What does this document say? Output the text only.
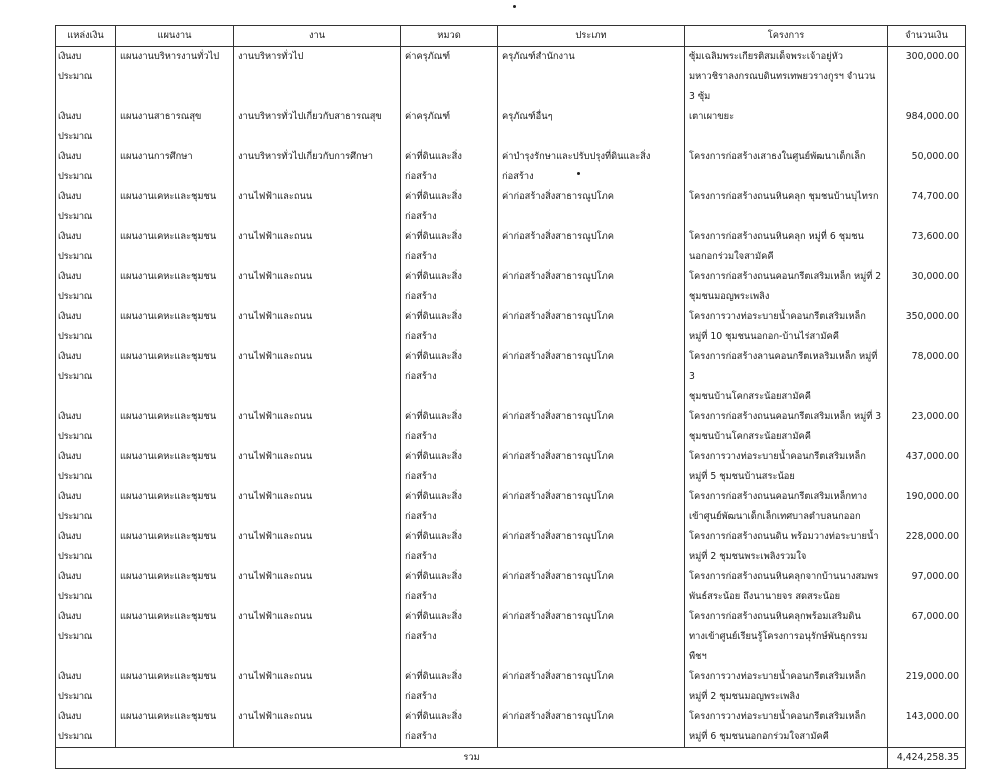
แหล่งเงิน	แผนงาน	งาน	หมวด	ประเภท	โครงการ	จำนวนเงิน
เงินงบประมาณ	แผนงานบริหารงานทั่วไป	งานบริหารทั่วไป	ค่าครุภัณฑ์	ครุภัณฑ์สำนักงาน	ซุ้มเฉลิมพระเกียรติสมเด็จพระเจ้าอยู่หัว
มหาวชิราลงกรณบดินทรเทพยวรางกูรฯ จำนวน 3 ซุ้ม	300,000.00
เงินงบประมาณ	แผนงานสาธารณสุข	งานบริหารทั่วไปเกี่ยวกับสาธารณสุข	ค่าครุภัณฑ์	ครุภัณฑ์อื่นๆ	เตาเผาขยะ	984,000.00
เงินงบประมาณ	แผนงานการศึกษา	งานบริหารทั่วไปเกี่ยวกับการศึกษา	ค่าที่ดินและสิ่งก่อสร้าง	ค่าบำรุงรักษาและปรับปรุงที่ดินและสิ่งก่อสร้าง	โครงการก่อสร้างเสาธงในศูนย์พัฒนาเด็กเล็ก	50,000.00
เงินงบประมาณ	แผนงานเคหะและชุมชน	งานไฟฟ้าและถนน	ค่าที่ดินและสิ่งก่อสร้าง	ค่าก่อสร้างสิ่งสาธารณูปโภค	โครงการก่อสร้างถนนหินคลุก ชุมชนบ้านบุไทรก	74,700.00
เงินงบประมาณ	แผนงานเคหะและชุมชน	งานไฟฟ้าและถนน	ค่าที่ดินและสิ่งก่อสร้าง	ค่าก่อสร้างสิ่งสาธารณูปโภค	โครงการก่อสร้างถนนหินคลุก หมู่ที่ 6 ชุมชน
นอกอกร่วมใจสามัคคี	73,600.00
เงินงบประมาณ	แผนงานเคหะและชุมชน	งานไฟฟ้าและถนน	ค่าที่ดินและสิ่งก่อสร้าง	ค่าก่อสร้างสิ่งสาธารณูปโภค	โครงการก่อสร้างถนนคอนกรีตเสริมเหล็ก หมู่ที่ 2
ชุมชนมอญพระเพลิง	30,000.00
เงินงบประมาณ	แผนงานเคหะและชุมชน	งานไฟฟ้าและถนน	ค่าที่ดินและสิ่งก่อสร้าง	ค่าก่อสร้างสิ่งสาธารณูปโภค	โครงการวางท่อระบายน้ำคอนกรีตเสริมเหล็ก
หมู่ที่ 10 ชุมชนนอกอก-บ้านไร่สามัคคี	350,000.00
เงินงบประมาณ	แผนงานเคหะและชุมชน	งานไฟฟ้าและถนน	ค่าที่ดินและสิ่งก่อสร้าง	ค่าก่อสร้างสิ่งสาธารณูปโภค	โครงการก่อสร้างลานคอนกรีตเหลริมเหล็ก หมู่ที่ 3
ชุมชนบ้านโคกสระน้อยสามัคคี	78,000.00
เงินงบประมาณ	แผนงานเคหะและชุมชน	งานไฟฟ้าและถนน	ค่าที่ดินและสิ่งก่อสร้าง	ค่าก่อสร้างสิ่งสาธารณูปโภค	โครงการก่อสร้างถนนคอนกรีตเสริมเหล็ก หมู่ที่ 3
ชุมชนบ้านโคกสระน้อยสามัคคี	23,000.00
เงินงบประมาณ	แผนงานเคหะและชุมชน	งานไฟฟ้าและถนน	ค่าที่ดินและสิ่งก่อสร้าง	ค่าก่อสร้างสิ่งสาธารณูปโภค	โครงการวางท่อระบายน้ำคอนกรีตเสริมเหล็ก
หมู่ที่ 5 ชุมชนบ้านสระน้อย	437,000.00
เงินงบประมาณ	แผนงานเคหะและชุมชน	งานไฟฟ้าและถนน	ค่าที่ดินและสิ่งก่อสร้าง	ค่าก่อสร้างสิ่งสาธารณูปโภค	โครงการก่อสร้างถนนคอนกรีตเสริมเหล็กทาง
เข้าศูนย์พัฒนาเด็กเล็กเทศบาลตำบลนกออก	190,000.00
เงินงบประมาณ	แผนงานเคหะและชุมชน	งานไฟฟ้าและถนน	ค่าที่ดินและสิ่งก่อสร้าง	ค่าก่อสร้างสิ่งสาธารณูปโภค	โครงการก่อสร้างถนนดิน พร้อมวางท่อระบายน้ำ
หมู่ที่ 2 ชุมชนพระเพลิงรวมใจ	228,000.00
เงินงบประมาณ	แผนงานเคหะและชุมชน	งานไฟฟ้าและถนน	ค่าที่ดินและสิ่งก่อสร้าง	ค่าก่อสร้างสิ่งสาธารณูปโภค	โครงการก่อสร้างถนนหินคลุกจากบ้านนางสมพร
พันธ์สระน้อย ถึงนานายจร สดสระน้อย	97,000.00
เงินงบประมาณ	แผนงานเคหะและชุมชน	งานไฟฟ้าและถนน	ค่าที่ดินและสิ่งก่อสร้าง	ค่าก่อสร้างสิ่งสาธารณูปโภค	โครงการก่อสร้างถนนหินคลุกพร้อมเสริมดิน
ทางเข้าศูนย์เรียนรู้โครงการอนุรักษ์พันธุกรรมพืชฯ	67,000.00
เงินงบประมาณ	แผนงานเคหะและชุมชน	งานไฟฟ้าและถนน	ค่าที่ดินและสิ่งก่อสร้าง	ค่าก่อสร้างสิ่งสาธารณูปโภค	โครงการวางท่อระบายน้ำคอนกรีตเสริมเหล็ก
หมู่ที่ 2 ชุมชนมอญพระเพลิง	219,000.00
เงินงบประมาณ	แผนงานเคหะและชุมชน	งานไฟฟ้าและถนน	ค่าที่ดินและสิ่งก่อสร้าง	ค่าก่อสร้างสิ่งสาธารณูปโภค	โครงการวางท่อระบายน้ำคอนกรีตเสริมเหล็ก
หมู่ที่ 6 ชุมชนนอกอกร่วมใจสามัคคี	143,000.00
รวม						4,424,258.35
